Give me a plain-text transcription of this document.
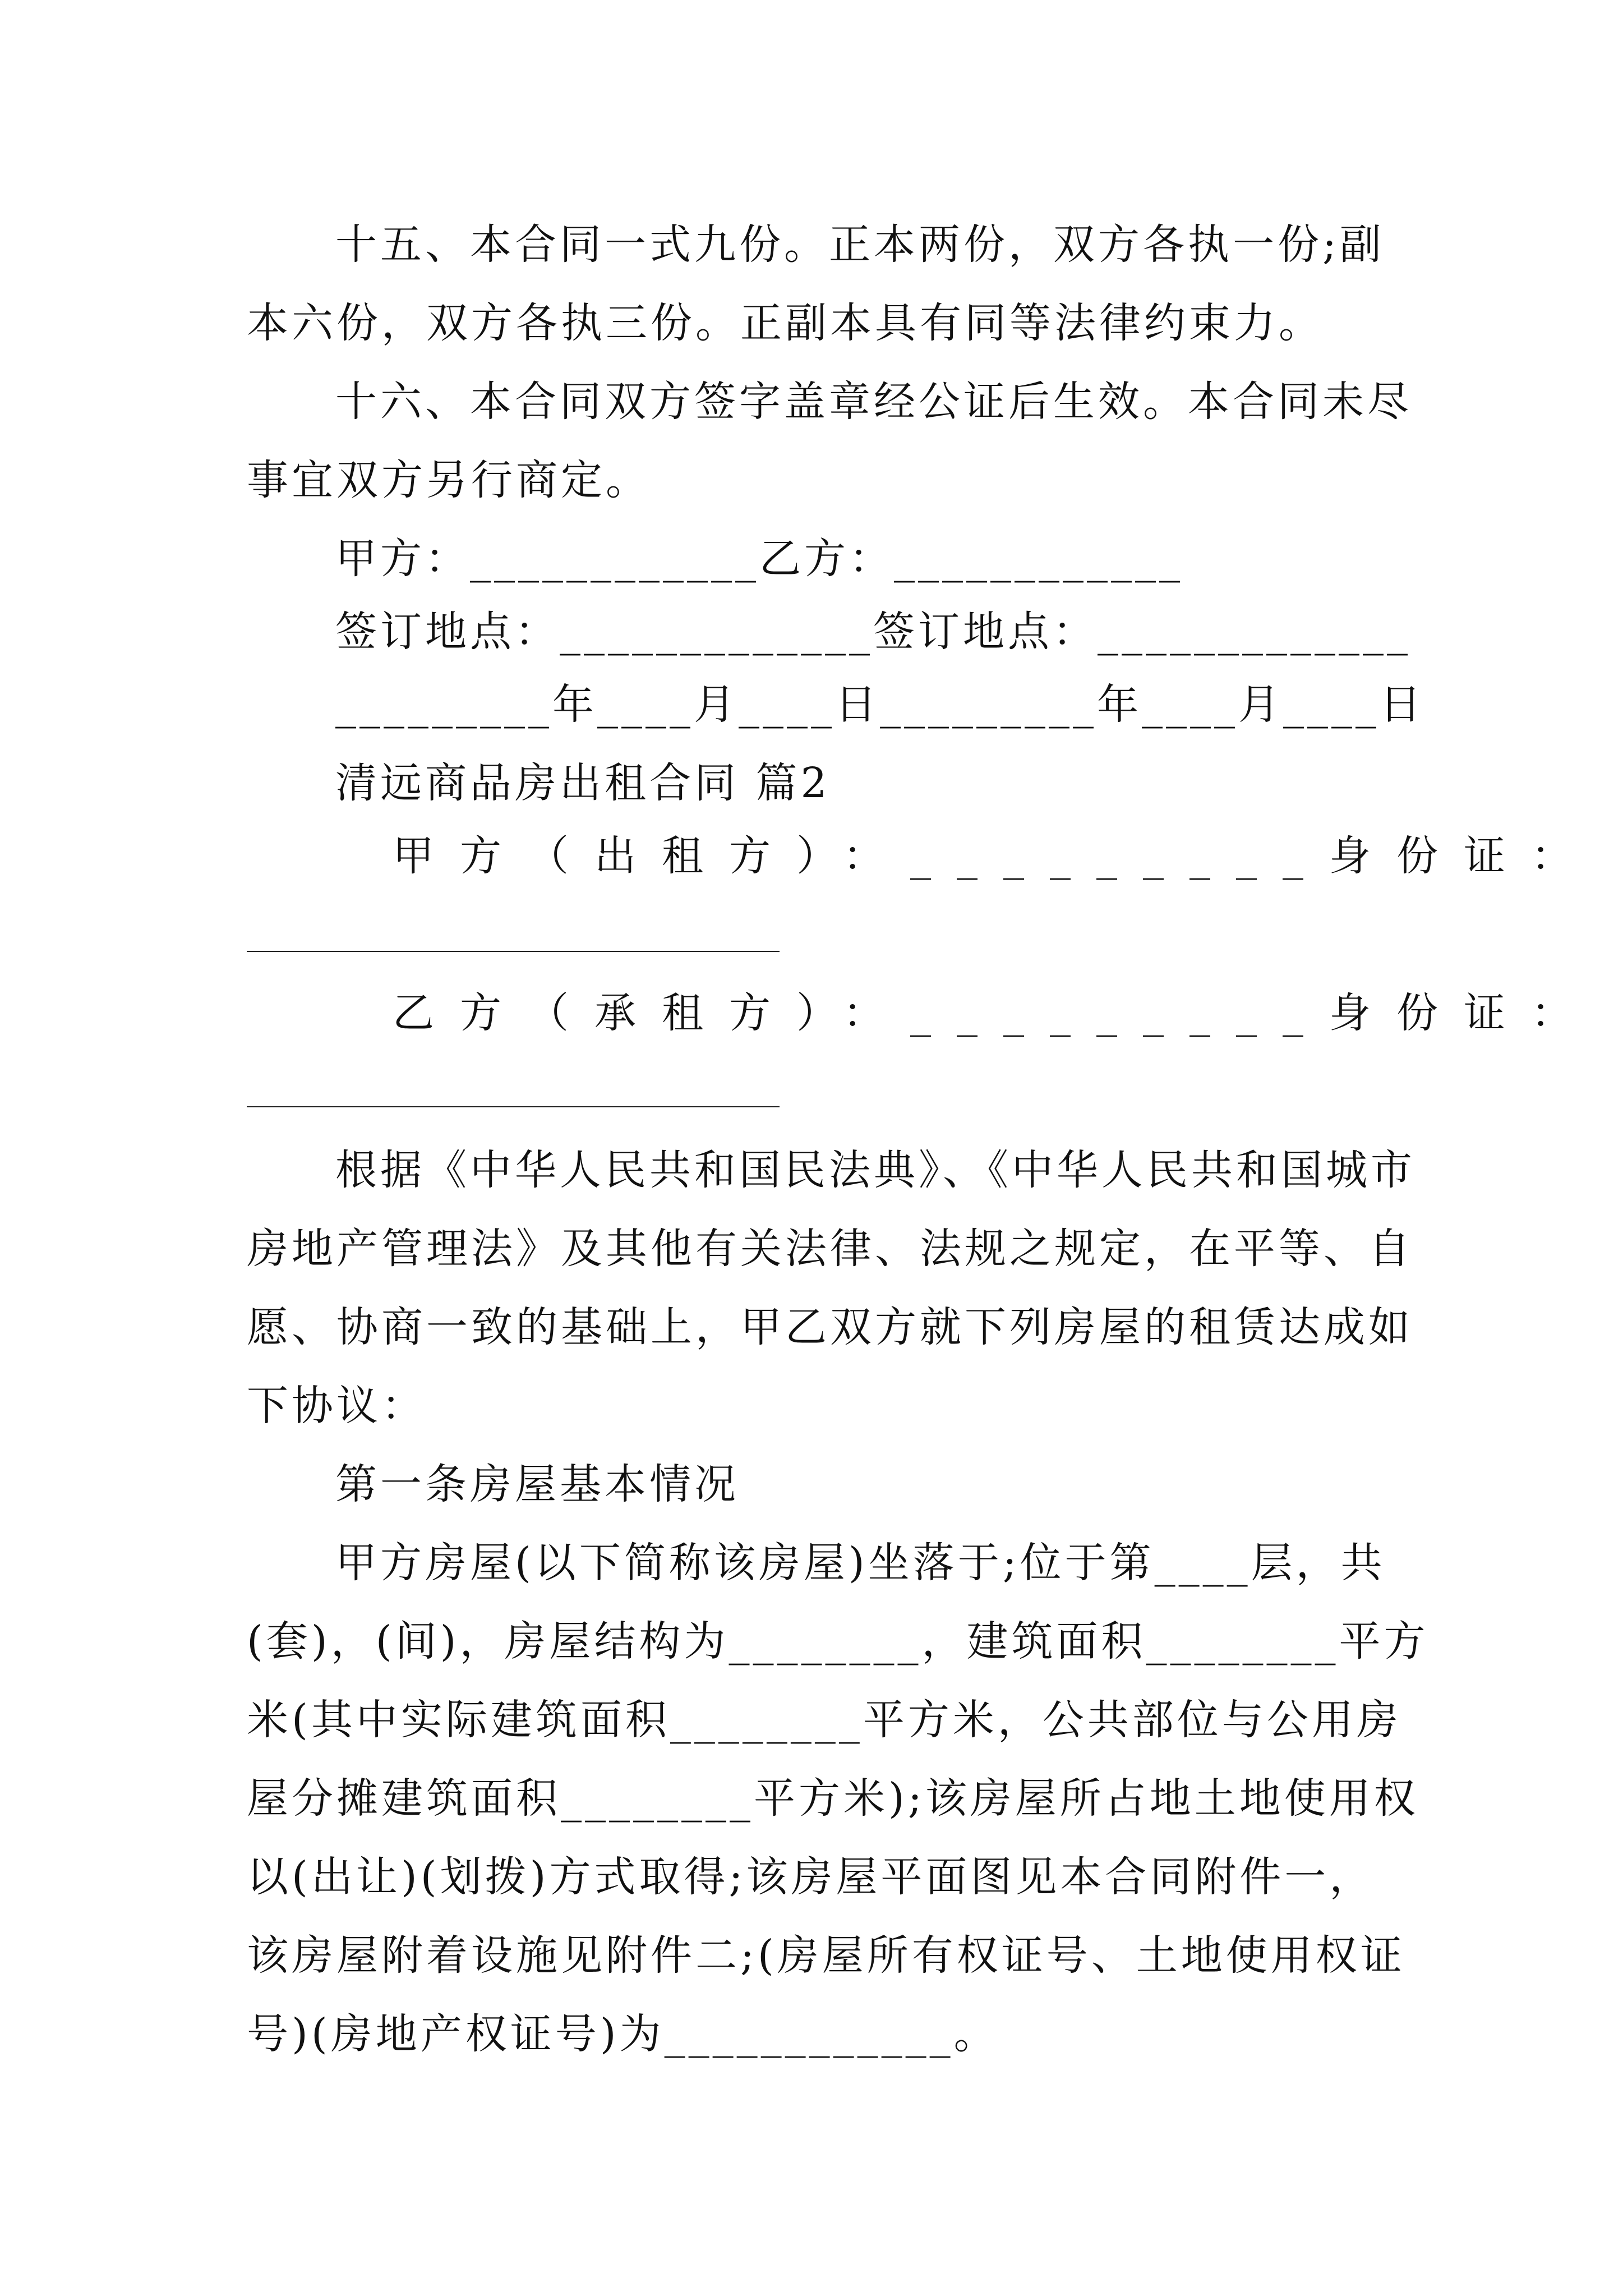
十五、本合同一式九份。正本两份，双方各执一份;副
本六份，双方各执三份。正副本具有同等法律约束力。
十六、本合同双方签字盖章经公证后生效。本合同未尽
事宜双方另行商定。
甲方：____________乙方：____________
签订地点：_____________签订地点：_____________
_________年____月____日_________年____月____日
清远商品房出租合同 篇2
甲方（出租方）：_________身份证：
乙方（承租方）：_________身份证：
根据《中华人民共和国民法典》、《中华人民共和国城市
房地产管理法》及其他有关法律、法规之规定，在平等、自
愿、协商一致的基础上，甲乙双方就下列房屋的租赁达成如
下协议：
第一条房屋基本情况
甲方房屋(以下简称该房屋)坐落于;位于第____层，共
(套)，(间)，房屋结构为________，建筑面积________平方
米(其中实际建筑面积________平方米，公共部位与公用房
屋分摊建筑面积________平方米);该房屋所占地土地使用权
以(出让)(划拨)方式取得;该房屋平面图见本合同附件一，
该房屋附着设施见附件二;(房屋所有权证号、土地使用权证
号)(房地产权证号)为____________。
